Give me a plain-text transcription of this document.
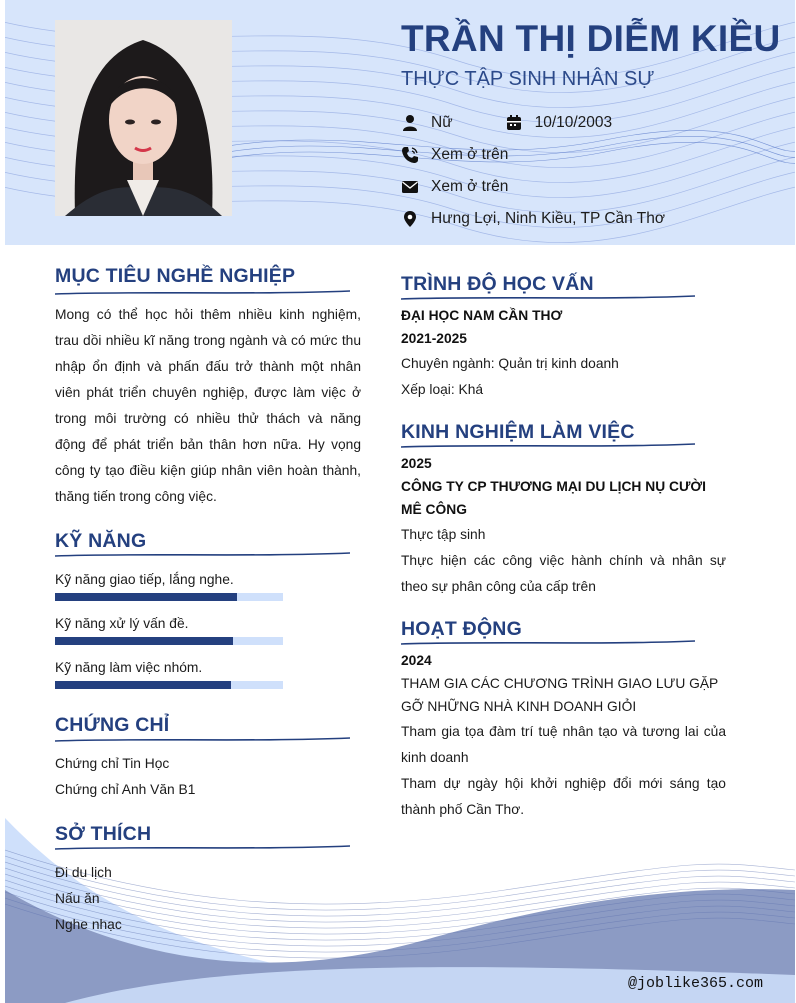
TRẦN THỊ DIỄM KIỀU
THỰC TẬP SINH NHÂN SỰ
Nữ	10/10/2003
Xem ở trên
Xem ở trên
Hưng Lợi, Ninh Kiều, TP Cần Thơ
MỤC TIÊU NGHỀ NGHIỆP
Mong có thể học hỏi thêm nhiều kinh nghiệm, trau dồi nhiều kĩ năng trong ngành và có mức thu nhập ổn định và phấn đấu trở thành một nhân viên phát triển chuyên nghiệp, được làm việc ở trong môi trường có nhiều thử thách và năng động để phát triển bản thân hơn nữa. Hy vọng công ty tạo điều kiện giúp nhân viên hoàn thành, thăng tiến trong công việc.
KỸ NĂNG
Kỹ năng giao tiếp, lắng nghe.
Kỹ năng xử lý vấn đề.
Kỹ năng làm việc nhóm.
CHỨNG CHỈ
Chứng chỉ Tin Học
Chứng chỉ Anh Văn B1
SỞ THÍCH
Đi du lịch
Nấu ăn
Nghe nhạc
TRÌNH ĐỘ HỌC VẤN
ĐẠI HỌC NAM CẦN THƠ
2021-2025
Chuyên ngành: Quản trị kinh doanh
Xếp loại: Khá
KINH NGHIỆM LÀM VIỆC
2025
CÔNG TY CP THƯƠNG MẠI DU LỊCH NỤ CƯỜI MÊ CÔNG
Thực tập sinh
Thực hiện các công việc hành chính và nhân sự theo sự phân công của cấp trên
HOẠT ĐỘNG
2024
THAM GIA CÁC CHƯƠNG TRÌNH GIAO LƯU GẶP GỠ NHỮNG NHÀ KINH DOANH GIỎI
Tham gia tọa đàm trí tuệ nhân tạo và tương lai của kinh doanh
Tham dự ngày hội khởi nghiệp đổi mới sáng tạo thành phố Cần Thơ.
@joblike365.com
